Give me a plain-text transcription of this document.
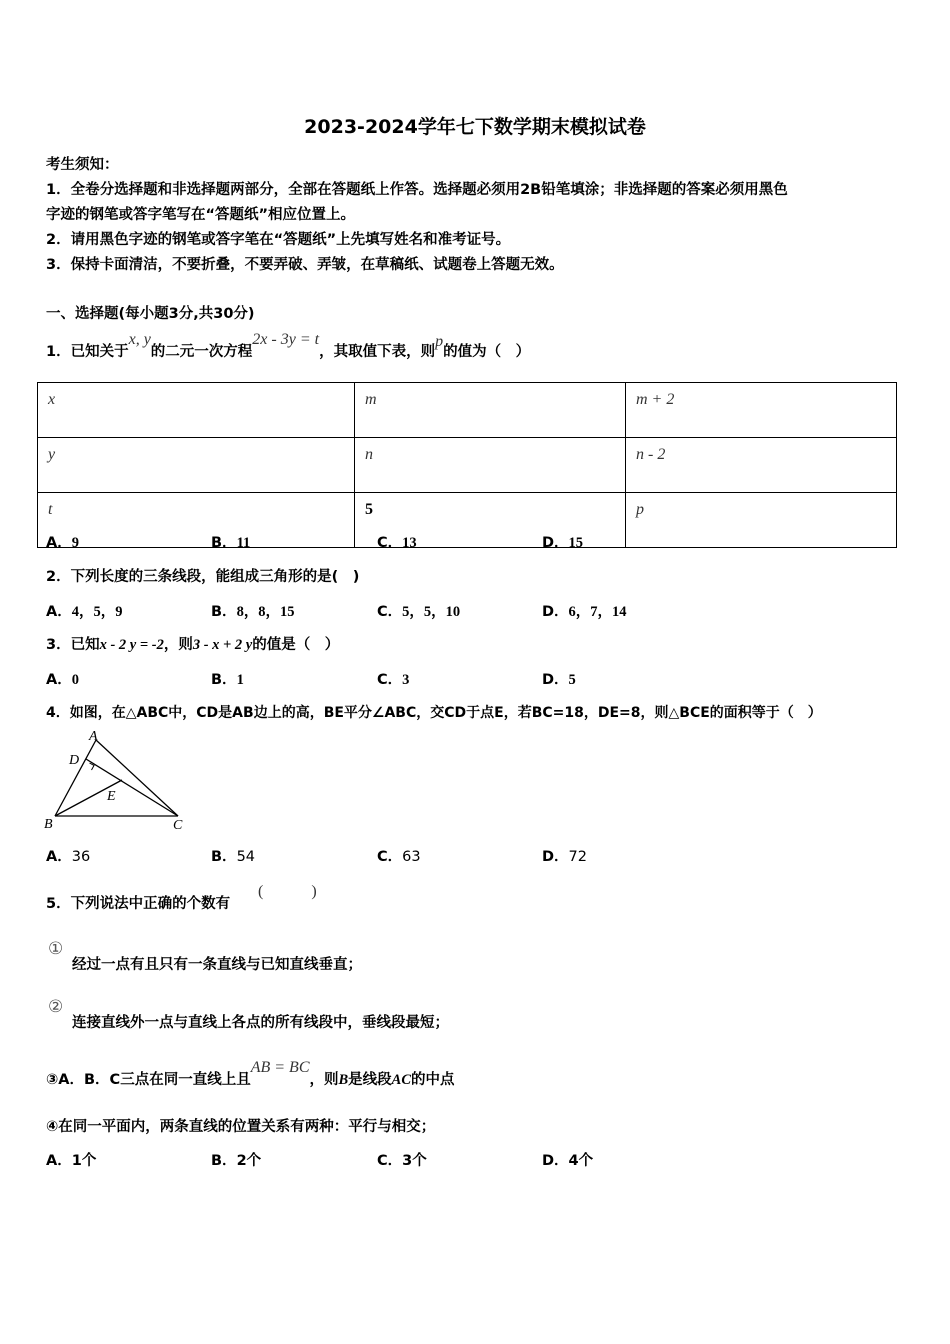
2023-2024学年七下数学期末模拟试卷
考生须知：
1．全卷分选择题和非选择题两部分，全部在答题纸上作答。选择题必须用2B铅笔填涂；非选择题的答案必须用黑色
字迹的钢笔或答字笔写在“答题纸”相应位置上。
2．请用黑色字迹的钢笔或答字笔在“答题纸”上先填写姓名和准考证号。
3．保持卡面清洁，不要折叠，不要弄破、弄皱，在草稿纸、试题卷上答题无效。
一、选择题(每小题3分,共30分)
1．已知关于x, y的二元一次方程2x - 3y = t，其取值下表，则p的值为（　）
x	m	m + 2
y	n	n - 2
t	5	p
A．9	B．11	C．13	D．15
2．下列长度的三条线段，能组成三角形的是(　)
A．4，5，9	B．8，8，15	C．5，5，10	D．6，7，14
3．已知x - 2 y = -2，则3 - x + 2 y的值是（　）
A．0	B．1	C．3	D．5
4．如图，在△ABC中，CD是AB边上的高，BE平分∠ABC，交CD于点E，若BC=18，DE=8，则△BCE的面积等于（　）
A
D
E
B	C
A．36	B．54	C．63	D．72
5．下列说法中正确的个数有
(　　　)
①
经过一点有且只有一条直线与已知直线垂直；
②
连接直线外一点与直线上各点的所有线段中，垂线段最短；
③A．B．C三点在同一直线上且AB = BC，则B是线段AC的中点
④在同一平面内，两条直线的位置关系有两种：平行与相交；
A．1个	B．2个	C．3个	D．4个
